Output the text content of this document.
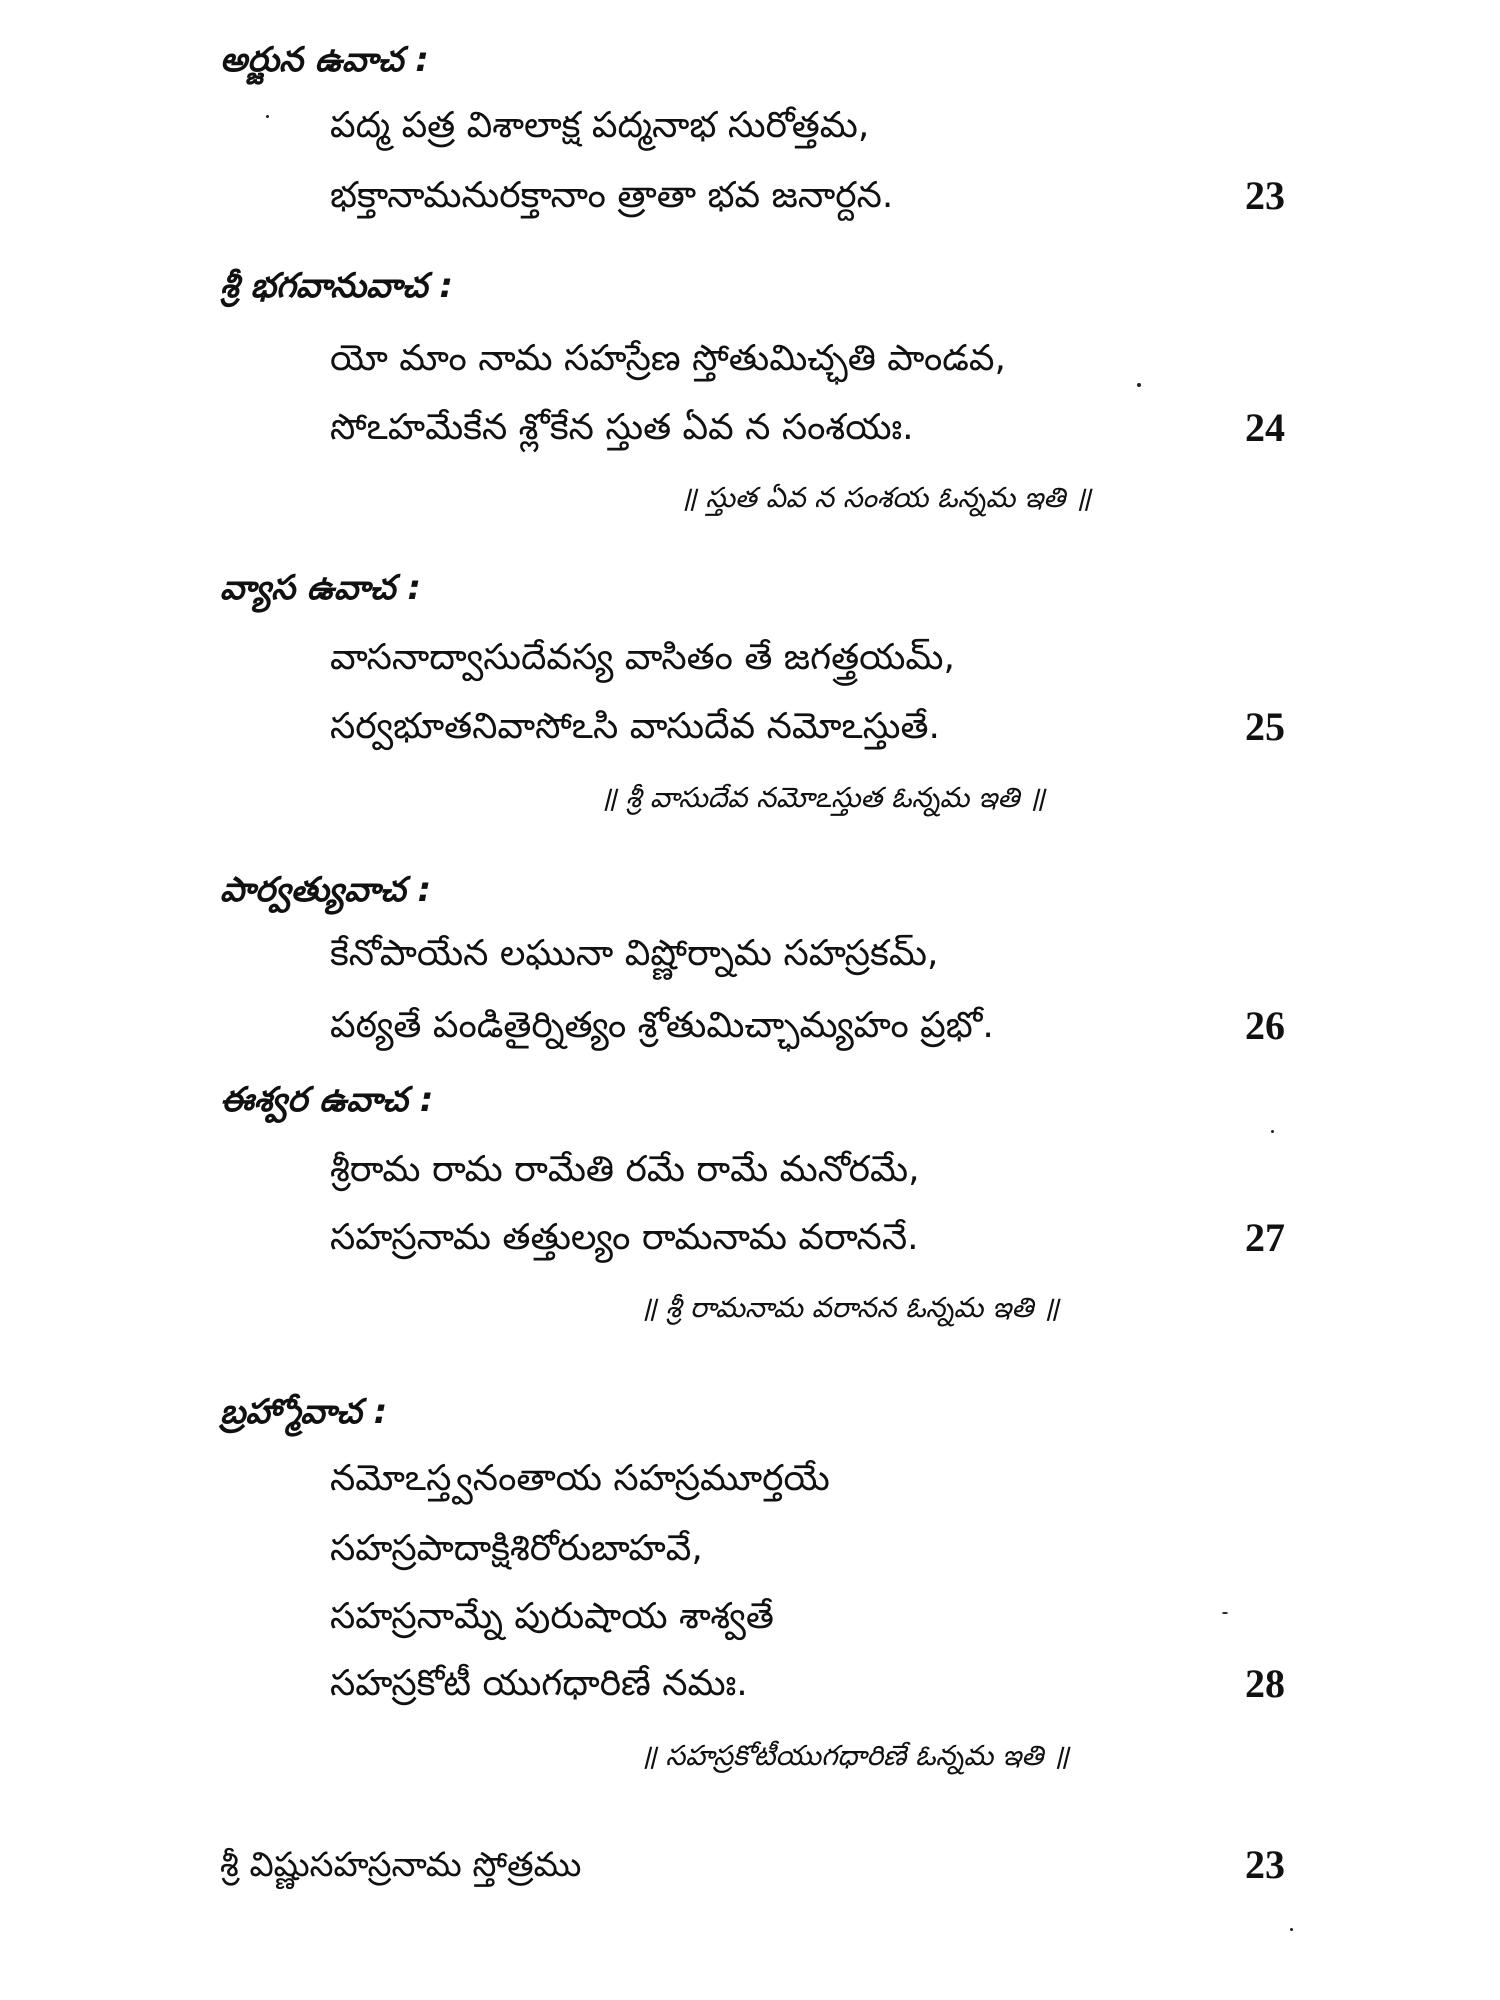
అర్జున ఉవాచ :
పద్మ పత్ర విశాలాక్ష పద్మనాభ సురోత్తమ,
భక్తానామనురక్తానాం త్రాతా భవ జనార్దన.	23
శ్రీ భగవానువాచ :
యో మాం నామ సహస్రేణ స్తోతుమిచ్ఛతి పాండవ,
సోఽహమేకేన శ్లోకేన స్తుత ఏవ న సంశయః.	24
॥ స్తుత ఏవ న సంశయ ఓన్నమ ఇతి ॥
వ్యాస ఉవాచ :
వాసనాద్వాసుదేవస్య వాసితం తే జగత్త్రయమ్,
సర్వభూతనివాసోఽసి వాసుదేవ నమోఽస్తుతే.	25
॥ శ్రీ వాసుదేవ నమోఽస్తుత ఓన్నమ ఇతి ॥
పార్వత్యువాచ :
కేనోపాయేన లఘునా విష్ణోర్నామ సహస్రకమ్,
పఠ్యతే పండితైర్నిత్యం శ్రోతుమిచ్ఛామ్యహం ప్రభో.	26
ఈశ్వర ఉవాచ :
శ్రీరామ రామ రామేతి రమే రామే మనోరమే,
సహస్రనామ తత్తుల్యం రామనామ వరాననే.	27
॥ శ్రీ రామనామ వరానన ఓన్నమ ఇతి ॥
బ్రహ్మోవాచ :
నమోఽస్త్వనంతాయ సహస్రమూర్తయే
సహస్రపాదాక్షిశిరోరుబాహవే,
సహస్రనామ్నే పురుషాయ శాశ్వతే
సహస్రకోటీ యుగధారిణే నమః.	28
॥ సహస్రకోటీయుగధారిణే ఓన్నమ ఇతి ॥
శ్రీ విష్ణుసహస్రనామ స్తోత్రము	23
